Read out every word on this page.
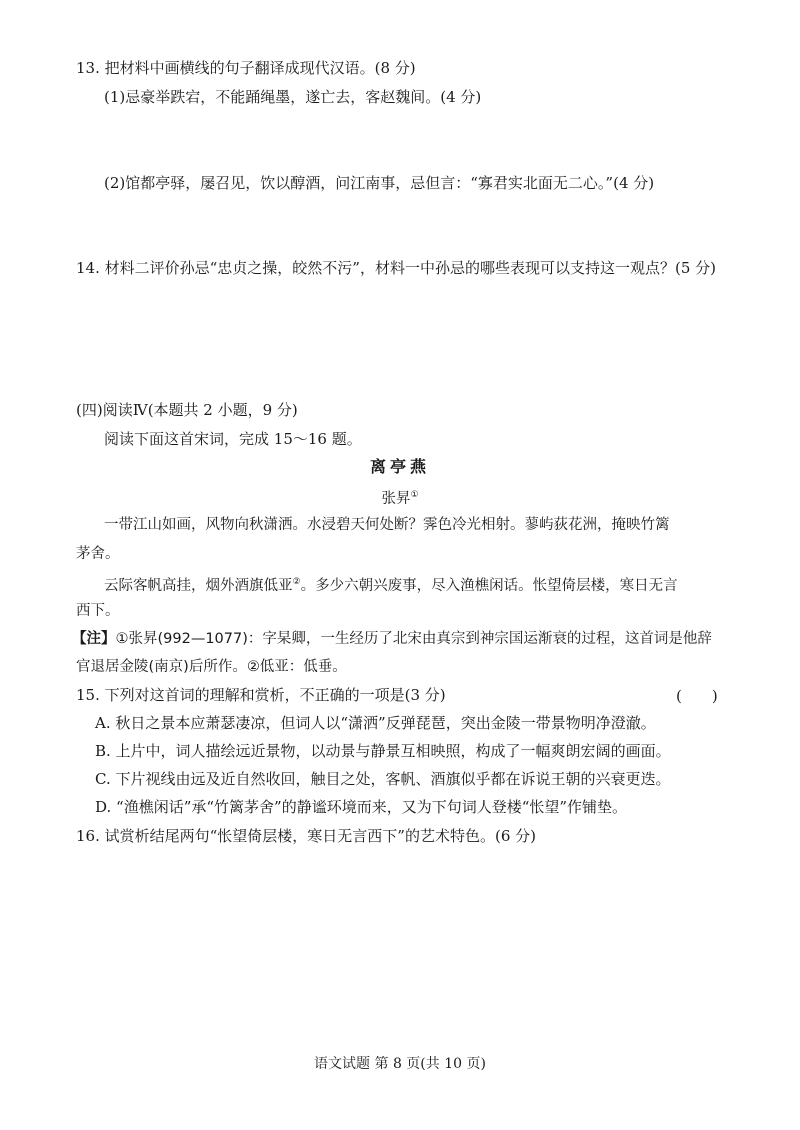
13. 把材料中画横线的句子翻译成现代汉语。(8 分)
(1)忌豪举跌宕，不能踊绳墨，遂亡去，客赵魏间。(4 分)
(2)馆都亭驿，屡召见，饮以醇酒，问江南事，忌但言：“寡君实北面无二心。”(4 分)
14. 材料二评价孙忌“忠贞之操，皎然不污”，材料一中孙忌的哪些表现可以支持这一观点？(5 分)
(四)阅读Ⅳ(本题共 2 小题，9 分)
阅读下面这首宋词，完成 15～16 题。
离亭燕
张昇①
一带江山如画，风物向秋潇洒。水浸碧天何处断？霁色冷光相射。蓼屿荻花洲，掩映竹篱
茅舍。
云际客帆高挂，烟外酒旗低亚②。多少六朝兴废事，尽入渔樵闲话。怅望倚层楼，寒日无言
西下。
【注】①张昇(992—1077)：字杲卿，一生经历了北宋由真宗到神宗国运渐衰的过程，这首词是他辞
官退居金陵(南京)后所作。②低亚：低垂。
15. 下列对这首词的理解和赏析，不正确的一项是(3 分)	(　　)
A. 秋日之景本应萧瑟凄凉，但词人以“潇洒”反弹琵琶，突出金陵一带景物明净澄澈。
B. 上片中，词人描绘远近景物，以动景与静景互相映照，构成了一幅爽朗宏阔的画面。
C. 下片视线由远及近自然收回，触目之处，客帆、酒旗似乎都在诉说王朝的兴衰更迭。
D. “渔樵闲话”承“竹篱茅舍”的静谧环境而来，又为下句词人登楼“怅望”作铺垫。
16. 试赏析结尾两句“怅望倚层楼，寒日无言西下”的艺术特色。(6 分)
语文试题 第 8 页(共 10 页)
